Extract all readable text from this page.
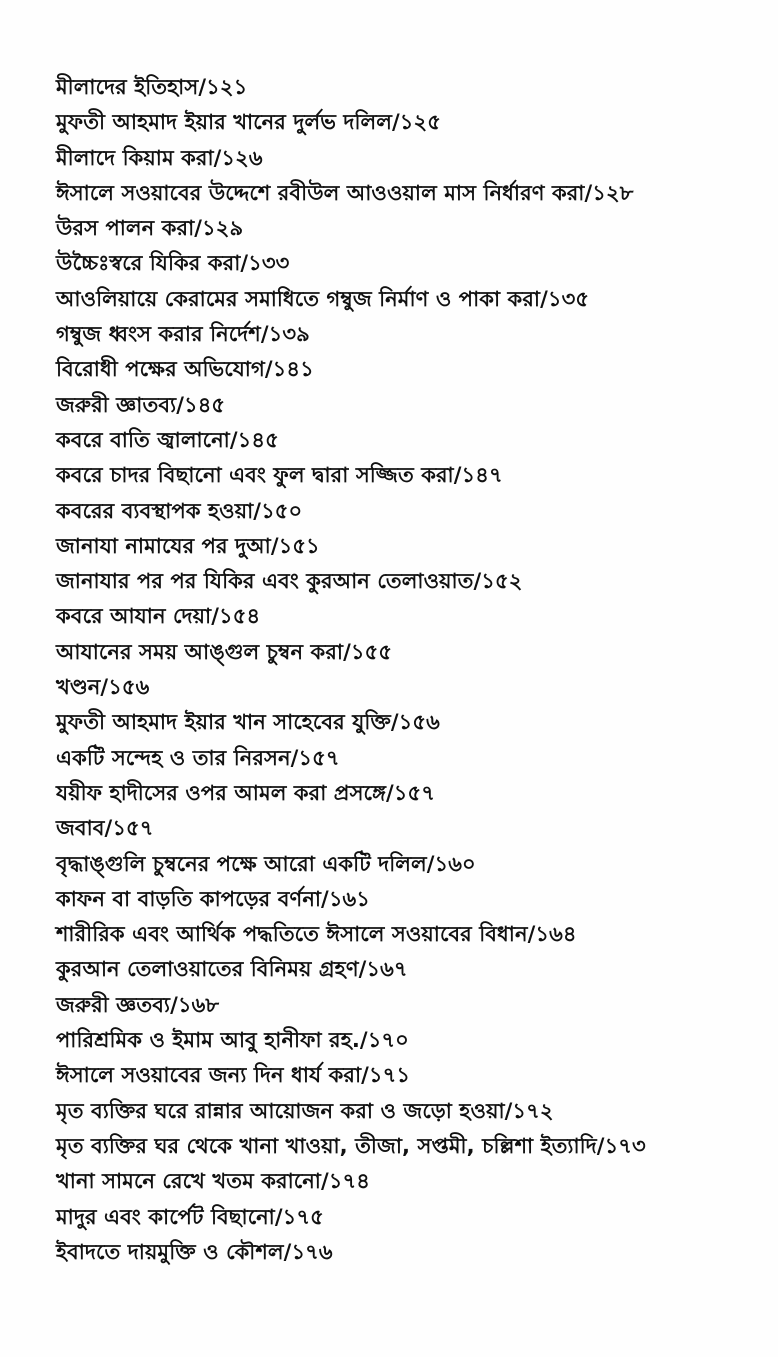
মীলাদের ইতিহাস/১২১
মুফতী আহমাদ ইয়ার খানের দুর্লভ দলিল/১২৫
মীলাদে কিয়াম করা/১২৬
ঈসালে সওয়াবের উদ্দেশে রবীউল আওওয়াল মাস নির্ধারণ করা/১২৮
উরস পালন করা/১২৯
উচ্চৈঃস্বরে যিকির করা/১৩৩
আওলিয়ায়ে কেরামের সমাধিতে গম্বুজ নির্মাণ ও পাকা করা/১৩৫
গম্বুজ ধ্বংস করার নির্দেশ/১৩৯
বিরোধী পক্ষের অভিযোগ/১৪১
জরুরী জ্ঞাতব্য/১৪৫
কবরে বাতি জ্বালানো/১৪৫
কবরে চাদর বিছানো এবং ফুল দ্বারা সজ্জিত করা/১৪৭
কবরের ব্যবস্থাপক হওয়া/১৫০
জানাযা নামাযের পর দুআ/১৫১
জানাযার পর পর যিকির এবং কুরআন তেলাওয়াত/১৫২
কবরে আযান দেয়া/১৫৪
আযানের সময় আঙ্গুল চুম্বন করা/১৫৫
খণ্ডন/১৫৬
মুফতী আহমাদ ইয়ার খান সাহেবের যুক্তি/১৫৬
একটি সন্দেহ ও তার নিরসন/১৫৭
যয়ীফ হাদীসের ওপর আমল করা প্রসঙ্গে/১৫৭
জবাব/১৫৭
বৃদ্ধাঙ্গুলি চুম্বনের পক্ষে আরো একটি দলিল/১৬০
কাফন বা বাড়তি কাপড়ের বর্ণনা/১৬১
শারীরিক এবং আর্থিক পদ্ধতিতে ঈসালে সওয়াবের বিধান/১৬৪
কুরআন তেলাওয়াতের বিনিময় গ্রহণ/১৬৭
জরুরী জ্ঞতব্য/১৬৮
পারিশ্রমিক ও ইমাম আবু হানীফা রহ./১৭০
ঈসালে সওয়াবের জন্য দিন ধার্য করা/১৭১
মৃত ব্যক্তির ঘরে রান্নার আয়োজন করা ও জড়ো হওয়া/১৭২
মৃত ব্যক্তির ঘর থেকে খানা খাওয়া, তীজা, সপ্তমী, চল্লিশা ইত্যাদি/১৭৩
খানা সামনে রেখে খতম করানো/১৭৪
মাদুর এবং কার্পেট বিছানো/১৭৫
ইবাদতে দায়মুক্তি ও কৌশল/১৭৬
